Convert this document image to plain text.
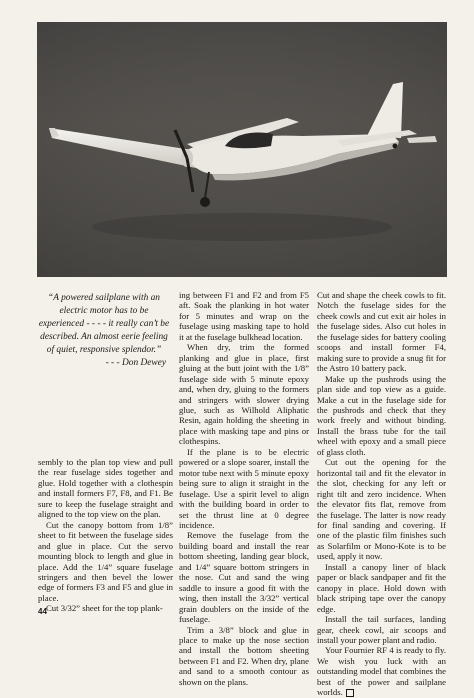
“A powered sailplane with an electric motor has to be experienced - - - - it really can’t be described. An almost eerie feeling of quiet, responsive splendor.”
- - - Don Dewey

sembly to the plan top view and pull the rear fuselage sides together and glue. Hold together with a clothespin and install formers F7, F8, and F1. Be sure to keep the fuselage straight and aligned to the top view on the plan.

Cut the canopy bottom from 1/8” sheet to fit between the fuselage sides and glue in place. Cut the servo mounting block to length and glue in place. Add the 1/4” square fuselage stringers and then bevel the lower edge of formers F3 and F5 and glue in place.

Cut 3/32” sheet for the top plank-

ing between F1 and F2 and from F5 aft. Soak the planking in hot water for 5 minutes and wrap on the fuselage using masking tape to hold it at the fuselage bulkhead location.

When dry, trim the formed planking and glue in place, first gluing at the butt joint with the 1/8” fuselage side with 5 minute epoxy and, when dry, gluing to the formers and stringers with slower drying glue, such as Wilhold Aliphatic Resin, again holding the sheeting in place with masking tape and pins or clothespins.

If the plane is to be electric powered or a slope soarer, install the motor tube next with 5 minute epoxy being sure to align it straight in the fuselage. Use a spirit level to align with the building board in order to set the thrust line at 0 degree incidence.

Remove the fuselage from the building board and install the rear bottom sheeting, landing gear block, and 1/4” square bottom stringers in the nose. Cut and sand the wing saddle to insure a good fit with the wing, then install the 3/32” vertical grain doublers on the inside of the fuselage.

Trim a 3/8” block and glue in place to make up the nose section and install the bottom sheeting between F1 and F2. When dry, plane and sand to a smooth contour as shown on the plans.

Cut and shape the cheek cowls to fit. Notch the fuselage sides for the cheek cowls and cut exit air holes in the fuselage sides. Also cut holes in the fuselage sides for battery cooling scoops and install former F4, making sure to provide a snug fit for the Astro 10 battery pack.

Make up the pushrods using the plan side and top view as a guide. Make a cut in the fuselage side for the pushrods and check that they work freely and without binding. Install the brass tube for the tail wheel with epoxy and a small piece of glass cloth.

Cut out the opening for the horizontal tail and fit the elevator in the slot, checking for any left or right tilt and zero incidence. When the elevator fits flat, remove from the fuselage. The latter is now ready for final sanding and covering. If one of the plastic film finishes such as Solarfilm or Mono-Kote is to be used, apply it now.

Install a canopy liner of black paper or black sandpaper and fit the canopy in place. Hold down with black striping tape over the canopy edge.

Install the tail surfaces, landing gear, cheek cowl, air scoops and install your power plant and radio.

Your Fournier RF 4 is ready to fly. We wish you luck with an outstanding model that combines the best of the power and sailplane worlds.

44
